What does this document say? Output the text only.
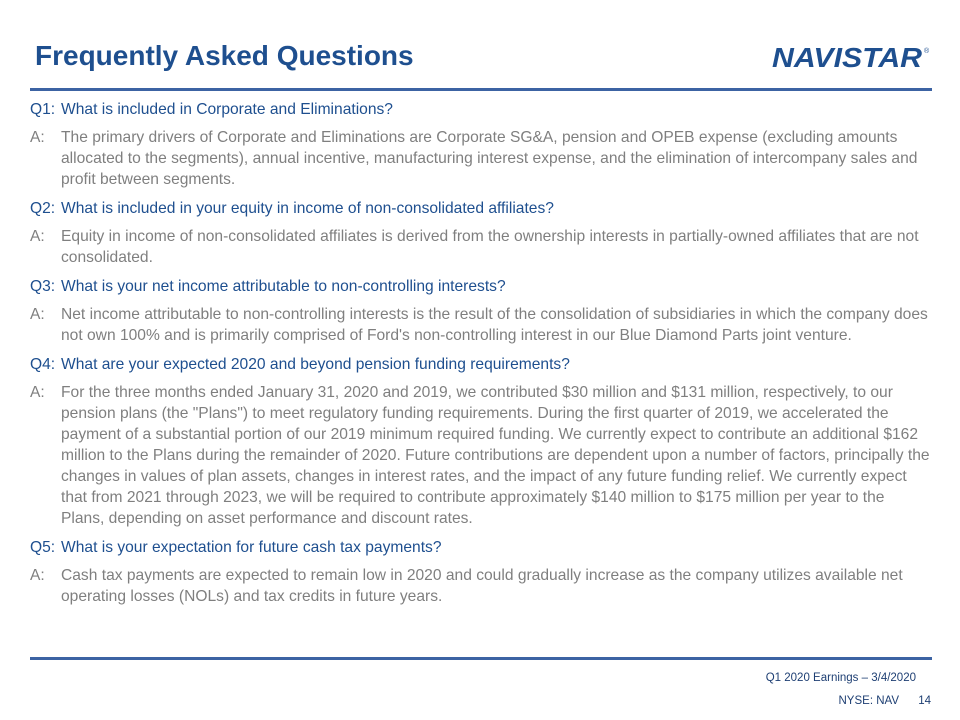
Frequently Asked Questions	NAVISTAR ®
Q1: What is included in Corporate and Eliminations?
A:	The primary drivers of Corporate and Eliminations are Corporate SG&A, pension and OPEB expense (excluding amounts allocated to the segments), annual incentive, manufacturing interest expense, and the elimination of intercompany sales and profit between segments.
Q2: What is included in your equity in income of non-consolidated affiliates?
A:	Equity in income of non-consolidated affiliates is derived from the ownership interests in partially-owned affiliates that are not consolidated.
Q3: What is your net income attributable to non-controlling interests?
A:	Net income attributable to non-controlling interests is the result of the consolidation of subsidiaries in which the company does not own 100% and is primarily comprised of Ford's non-controlling interest in our Blue Diamond Parts joint venture.
Q4: What are your expected 2020 and beyond pension funding requirements?
A:	For the three months ended January 31, 2020 and 2019, we contributed $30 million and $131 million, respectively, to our pension plans (the "Plans") to meet regulatory funding requirements. During the first quarter of 2019, we accelerated the payment of a substantial portion of our 2019 minimum required funding. We currently expect to contribute an additional $162 million to the Plans during the remainder of 2020. Future contributions are dependent upon a number of factors, principally the changes in values of plan assets, changes in interest rates, and the impact of any future funding relief. We currently expect that from 2021 through 2023, we will be required to contribute approximately $140 million to $175 million per year to the Plans, depending on asset performance and discount rates.
Q5: What is your expectation for future cash tax payments?
A:	Cash tax payments are expected to remain low in 2020 and could gradually increase as the company utilizes available net operating losses (NOLs) and tax credits in future years.
Q1 2020 Earnings – 3/4/2020
NYSE: NAV 14
